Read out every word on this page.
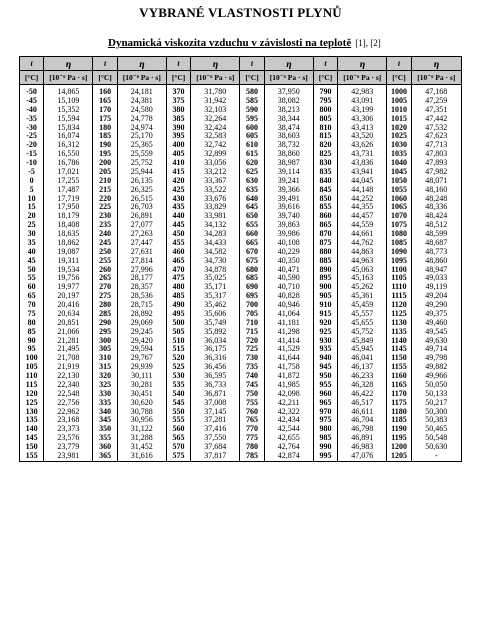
VYBRANÉ VLASTNOSTI PLYNŮ
Dynamická viskozita vzduchu v závislosti na teplotě [1], [2]
t	η	t	η	t	η	t	η	t	η	t	η
[°C]	[10⁻⁶ Pa · s]	[°C]	[10⁻⁶ Pa · s]	[°C]	[10⁻⁶ Pa · s]	[°C]	[10⁻⁶ Pa · s]	[°C]	[10⁻⁶ Pa · s]	[°C]	[10⁻⁶ Pa · s]

-50	14,865	160	24,181	370	31,780	580	37,950	790	42,983	1000	47,168
-45	15,109	165	24,381	375	31,942	585	38,082	795	43,091	1005	47,259
-40	15,352	170	24,580	380	32,103	590	38,213	800	43,199	1010	47,351
-35	15,594	175	24,778	385	32,264	595	38,344	805	43,306	1015	47,442
-30	15,834	180	24,974	390	32,424	600	38,474	810	43,413	1020	47,532
-25	16,074	185	25,170	395	32,583	605	38,603	815	43,520	1025	47,623
-20	16,312	190	25,365	400	32,742	610	38,732	820	43,626	1030	47,713
-15	16,550	195	25,559	405	32,899	615	38,860	825	43,731	1035	47,803
-10	16,786	200	25,752	410	33,056	620	38,987	830	43,836	1040	47,893
-5	17,021	205	25,944	415	33,212	625	39,114	835	43,941	1045	47,982
0	17,255	210	26,135	420	33,367	630	39,241	840	44,045	1050	48,071
5	17,487	215	26,325	425	33,522	635	39,366	845	44,148	1055	48,160
10	17,719	220	26,515	430	33,676	640	39,491	850	44,252	1060	48,248
15	17,950	225	26,703	435	33,829	645	39,616	855	44,355	1065	48,336
20	18,179	230	26,891	440	33,981	650	39,740	860	44,457	1070	48,424
25	18,408	235	27,077	445	34,132	655	39,863	865	44,559	1075	48,512
30	18,635	240	27,263	450	34,283	660	39,986	870	44,661	1080	48,599
35	18,862	245	27,447	455	34,433	665	40,108	875	44,762	1085	48,687
40	19,087	250	27,631	460	34,582	670	40,229	880	44,863	1090	48,773
45	19,311	255	27,814	465	34,730	675	40,350	885	44,963	1095	48,860
50	19,534	260	27,996	470	34,878	680	40,471	890	45,063	1100	48,947
55	19,756	265	28,177	475	35,025	685	40,590	895	45,163	1105	49,033
60	19,977	270	28,357	480	35,171	690	40,710	900	45,262	1110	49,119
65	20,197	275	28,536	485	35,317	695	40,828	905	45,361	1115	49,204
70	20,416	280	28,715	490	35,462	700	40,946	910	45,459	1120	49,290
75	20,634	285	28,892	495	35,606	705	41,064	915	45,557	1125	49,375
80	20,851	290	29,069	500	35,749	710	41,181	920	45,655	1130	49,460
85	21,066	295	29,245	505	35,892	715	41,298	925	45,752	1135	49,545
90	21,281	300	29,420	510	36,034	720	41,414	930	45,849	1140	49,630
95	21,495	305	29,594	515	36,175	725	41,529	935	45,945	1145	49,714
100	21,708	310	29,767	520	36,316	730	41,644	940	46,041	1150	49,798
105	21,919	315	29,939	525	36,456	735	41,758	945	46,137	1155	49,882
110	22,130	320	30,111	530	36,595	740	41,872	950	46,233	1160	49,966
115	22,340	325	30,281	535	36,733	745	41,985	955	46,328	1165	50,050
120	22,548	330	30,451	540	36,871	750	42,098	960	46,422	1170	50,133
125	22,756	335	30,620	545	37,008	755	42,211	965	46,517	1175	50,217
130	22,962	340	30,788	550	37,145	760	42,322	970	46,611	1180	50,300
135	23,168	345	30,956	555	37,281	765	42,434	975	46,704	1185	50,383
140	23,373	350	31,122	560	37,416	770	42,544	980	46,798	1190	50,465
145	23,576	355	31,288	565	37,550	775	42,655	985	46,891	1195	50,548
150	23,779	360	31,452	570	37,684	780	42,764	990	46,983	1200	50,630
155	23,981	365	31,616	575	37,817	785	42,874	995	47,076	1205	-
